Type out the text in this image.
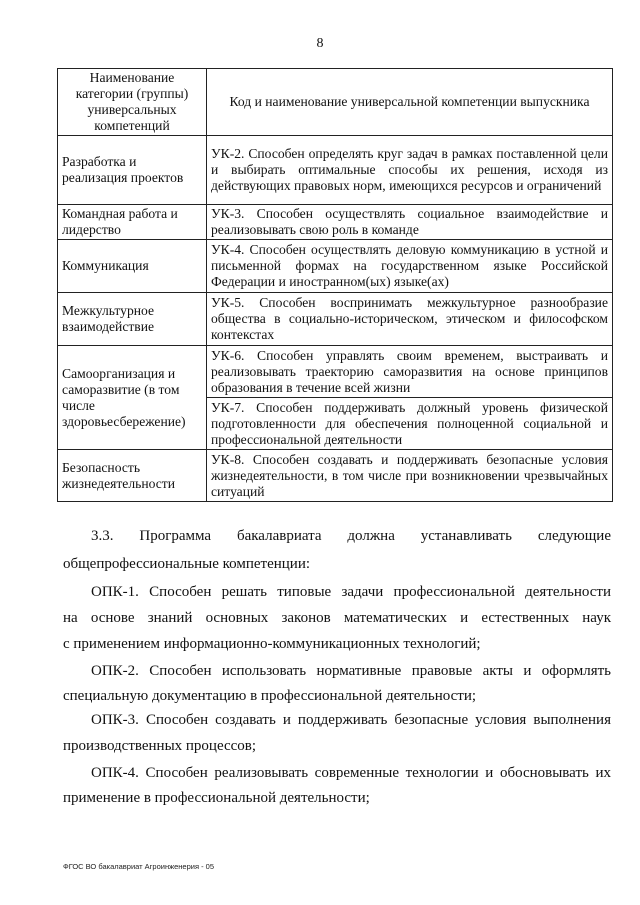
8
Наименование категории (группы) универсальных компетенций	Код и наименование универсальной компетенции выпускника
Разработка и реализация проектов	УК-2. Способен определять круг задач в рамках поставленной цели и выбирать оптимальные способы их решения, исходя из действующих правовых норм, имеющихся ресурсов и ограничений
Командная работа и лидерство	УК-3. Способен осуществлять социальное взаимодействие и реализовывать свою роль в команде
Коммуникация	УК-4. Способен осуществлять деловую коммуникацию в устной и письменной формах на государственном языке Российской Федерации и иностранном(ых) языке(ах)
Межкультурное взаимодействие	УК-5. Способен воспринимать межкультурное разнообразие общества в социально-историческом, этическом и философском контекстах
Самоорганизация и саморазвитие (в том числе здоровьесбережение)	УК-6. Способен управлять своим временем, выстраивать и реализовывать траекторию саморазвития на основе принципов образования в течение всей жизни
	УК-7. Способен поддерживать должный уровень физической подготовленности для обеспечения полноценной социальной и профессиональной деятельности
Безопасность жизнедеятельности	УК-8. Способен создавать и поддерживать безопасные условия жизнедеятельности, в том числе при возникновении чрезвычайных ситуаций

3.3. Программа бакалавриата должна устанавливать следующие

общепрофессиональные компетенции:

ОПК-1. Способен решать типовые задачи профессиональной деятельности

на основе знаний основных законов математических и естественных наук

с применением информационно-коммуникационных технологий;

ОПК-2. Способен использовать нормативные правовые акты и оформлять

специальную документацию в профессиональной деятельности;

ОПК-3. Способен создавать и поддерживать безопасные условия выполнения

производственных процессов;

ОПК-4. Способен реализовывать современные технологии и обосновывать их

применение в профессиональной деятельности;

ФГОС ВО бакалавриат Агроинженерия - 05
